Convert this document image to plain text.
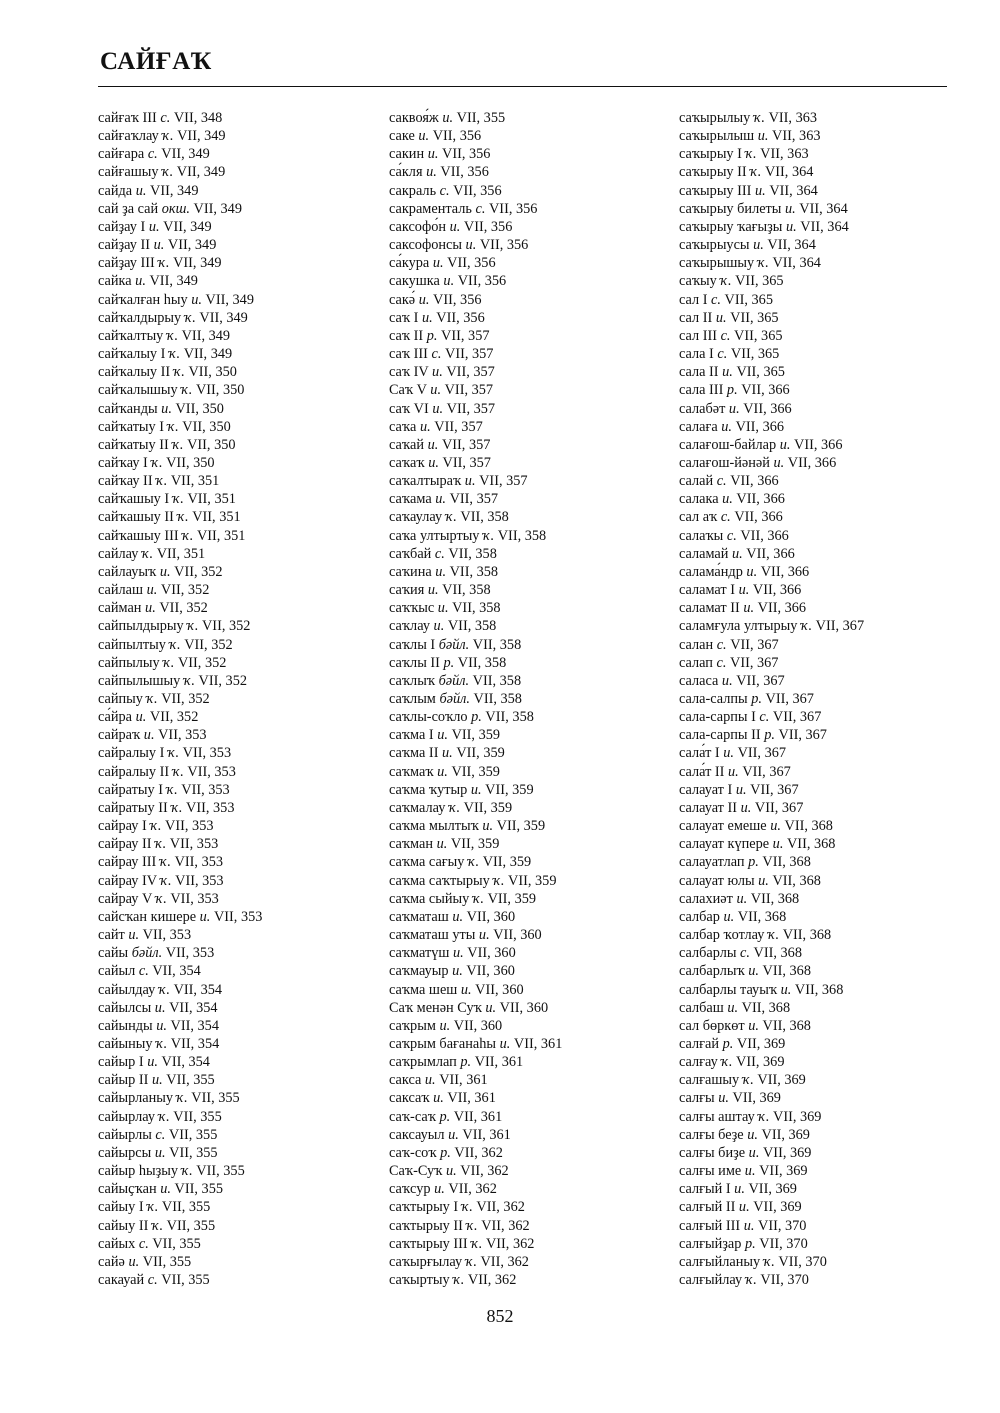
САЙҒАҠ
сайғаҡ III с. VII, 348
сайғаҡлау ҡ. VII, 349
сайғара с. VII, 349
сайғашыу ҡ. VII, 349
сайда и. VII, 349
сай ҙа сай окш. VII, 349
сайҙау I и. VII, 349
сайҙау II и. VII, 349
сайҙау III ҡ. VII, 349
сайка и. VII, 349
сайҡалған һыу и. VII, 349
сайҡалдырыу ҡ. VII, 349
сайҡалтыу ҡ. VII, 349
сайҡалыу I ҡ. VII, 349
сайҡалыу II ҡ. VII, 350
сайҡалышыу ҡ. VII, 350
сайҡанды и. VII, 350
сайҡатыу I ҡ. VII, 350
сайҡатыу II ҡ. VII, 350
сайҡау I ҡ. VII, 350
сайҡау II ҡ. VII, 351
сайҡашыу I ҡ. VII, 351
сайҡашыу II ҡ. VII, 351
сайҡашыу III ҡ. VII, 351
сайлау ҡ. VII, 351
сайлауыҡ и. VII, 352
сайлаш и. VII, 352
сайман и. VII, 352
сайпылдырыу ҡ. VII, 352
сайпылтыу ҡ. VII, 352
сайпылыу ҡ. VII, 352
сайпылышыу ҡ. VII, 352
сайпыу ҡ. VII, 352
са́йра и. VII, 352
сайраҡ и. VII, 353
сайралыу I ҡ. VII, 353
сайралыу II ҡ. VII, 353
сайратыу I ҡ. VII, 353
сайратыу II ҡ. VII, 353
сайрау I ҡ. VII, 353
сайрау II ҡ. VII, 353
сайрау III ҡ. VII, 353
сайрау IV ҡ. VII, 353
сайрау V ҡ. VII, 353
сайсҡан кишере и. VII, 353
сайт и. VII, 353
сайы бәйл. VII, 353
сайыл с. VII, 354
сайылдау ҡ. VII, 354
сайылсы и. VII, 354
сайынды и. VII, 354
сайыныу ҡ. VII, 354
сайыр I и. VII, 354
сайыр II и. VII, 355
сайырланыу ҡ. VII, 355
сайырлау ҡ. VII, 355
сайырлы с. VII, 355
сайырсы и. VII, 355
сайыр һыҙыу ҡ. VII, 355
сайыҫҡан и. VII, 355
сайыу I ҡ. VII, 355
сайыу II ҡ. VII, 355
сайых с. VII, 355
сайә и. VII, 355
сакауай с. VII, 355
саквоя́ж и. VII, 355
саке и. VII, 356
сакин и. VII, 356
са́кля и. VII, 356
сакраль с. VII, 356
сакраменталь с. VII, 356
саксофо́н и. VII, 356
саксофонсы и. VII, 356
са́кура и. VII, 356
сакушка и. VII, 356
сакә́ и. VII, 356
саҡ I и. VII, 356
саҡ II р. VII, 357
саҡ III с. VII, 357
саҡ IV и. VII, 357
Саҡ V и. VII, 357
саҡ VI и. VII, 357
саҡа и. VII, 357
саҡай и. VII, 357
саҡаҡ и. VII, 357
саҡалтыраҡ и. VII, 357
саҡама и. VII, 357
саҡаулау ҡ. VII, 358
саҡа ултыртыу ҡ. VII, 358
саҡбай с. VII, 358
саҡина и. VII, 358
саҡия и. VII, 358
саҡҡыс и. VII, 358
саҡлау и. VII, 358
саҡлы I бәйл. VII, 358
саҡлы II р. VII, 358
саҡлыҡ бәйл. VII, 358
саҡлым бәйл. VII, 358
саҡлы-соҡло р. VII, 358
саҡма I и. VII, 359
саҡма II и. VII, 359
саҡмаҡ и. VII, 359
саҡма ҡутыр и. VII, 359
саҡмалау ҡ. VII, 359
саҡма мылтыҡ и. VII, 359
саҡман и. VII, 359
саҡма сағыу ҡ. VII, 359
саҡма саҡтырыу ҡ. VII, 359
саҡма сыйыу ҡ. VII, 359
саҡматаш и. VII, 360
саҡматаш уты и. VII, 360
саҡматүш и. VII, 360
саҡмауыр и. VII, 360
саҡма шеш и. VII, 360
Саҡ менән Суҡ и. VII, 360
саҡрым и. VII, 360
саҡрым бағанаһы и. VII, 361
саҡрымлап р. VII, 361
сакса и. VII, 361
саксаҡ и. VII, 361
саҡ-саҡ р. VII, 361
саксауыл и. VII, 361
саҡ-соҡ р. VII, 362
Саҡ-Суҡ и. VII, 362
саҡсур и. VII, 362
саҡтырыу I ҡ. VII, 362
саҡтырыу II ҡ. VII, 362
саҡтырыу III ҡ. VII, 362
саҡырғылау ҡ. VII, 362
саҡыртыу ҡ. VII, 362
саҡырылыу ҡ. VII, 363
саҡырылыш и. VII, 363
саҡырыу I ҡ. VII, 363
саҡырыу II ҡ. VII, 364
саҡырыу III и. VII, 364
саҡырыу билеты и. VII, 364
саҡырыу ҡағыҙы и. VII, 364
саҡырыусы и. VII, 364
саҡырышыу ҡ. VII, 364
саҡыу ҡ. VII, 365
сал I с. VII, 365
сал II и. VII, 365
сал III с. VII, 365
сала I с. VII, 365
сала II и. VII, 365
сала III р. VII, 366
салабәт и. VII, 366
салаға и. VII, 366
салағош-байлар и. VII, 366
салағош-йәнәй и. VII, 366
салай с. VII, 366
салака и. VII, 366
сал аҡ с. VII, 366
салаҡы с. VII, 366
саламай и. VII, 366
салама́ндр и. VII, 366
саламат I и. VII, 366
саламат II и. VII, 366
саламғула ултырыу ҡ. VII, 367
салан с. VII, 367
салап с. VII, 367
саласа и. VII, 367
сала-салпы р. VII, 367
сала-сарпы I с. VII, 367
сала-сарпы II р. VII, 367
сала́т I и. VII, 367
сала́т II и. VII, 367
салауат I и. VII, 367
салауат II и. VII, 367
салауат емеше и. VII, 368
салауат күпере и. VII, 368
салауатлап р. VII, 368
салауат юлы и. VII, 368
салахиәт и. VII, 368
салбар и. VII, 368
салбар ҡотлау ҡ. VII, 368
салбарлы с. VII, 368
салбарлыҡ и. VII, 368
салбарлы тауыҡ и. VII, 368
салбаш и. VII, 368
сал бөркөт и. VII, 368
салғай р. VII, 369
салғау ҡ. VII, 369
салғашыу ҡ. VII, 369
салғы и. VII, 369
салғы аштау ҡ. VII, 369
салғы беҙе и. VII, 369
салғы биҙе и. VII, 369
салғы име и. VII, 369
салғый I и. VII, 369
салғый II и. VII, 369
салғый III и. VII, 370
салғыйҙар р. VII, 370
салғыйланыу ҡ. VII, 370
салғыйлау ҡ. VII, 370
852
